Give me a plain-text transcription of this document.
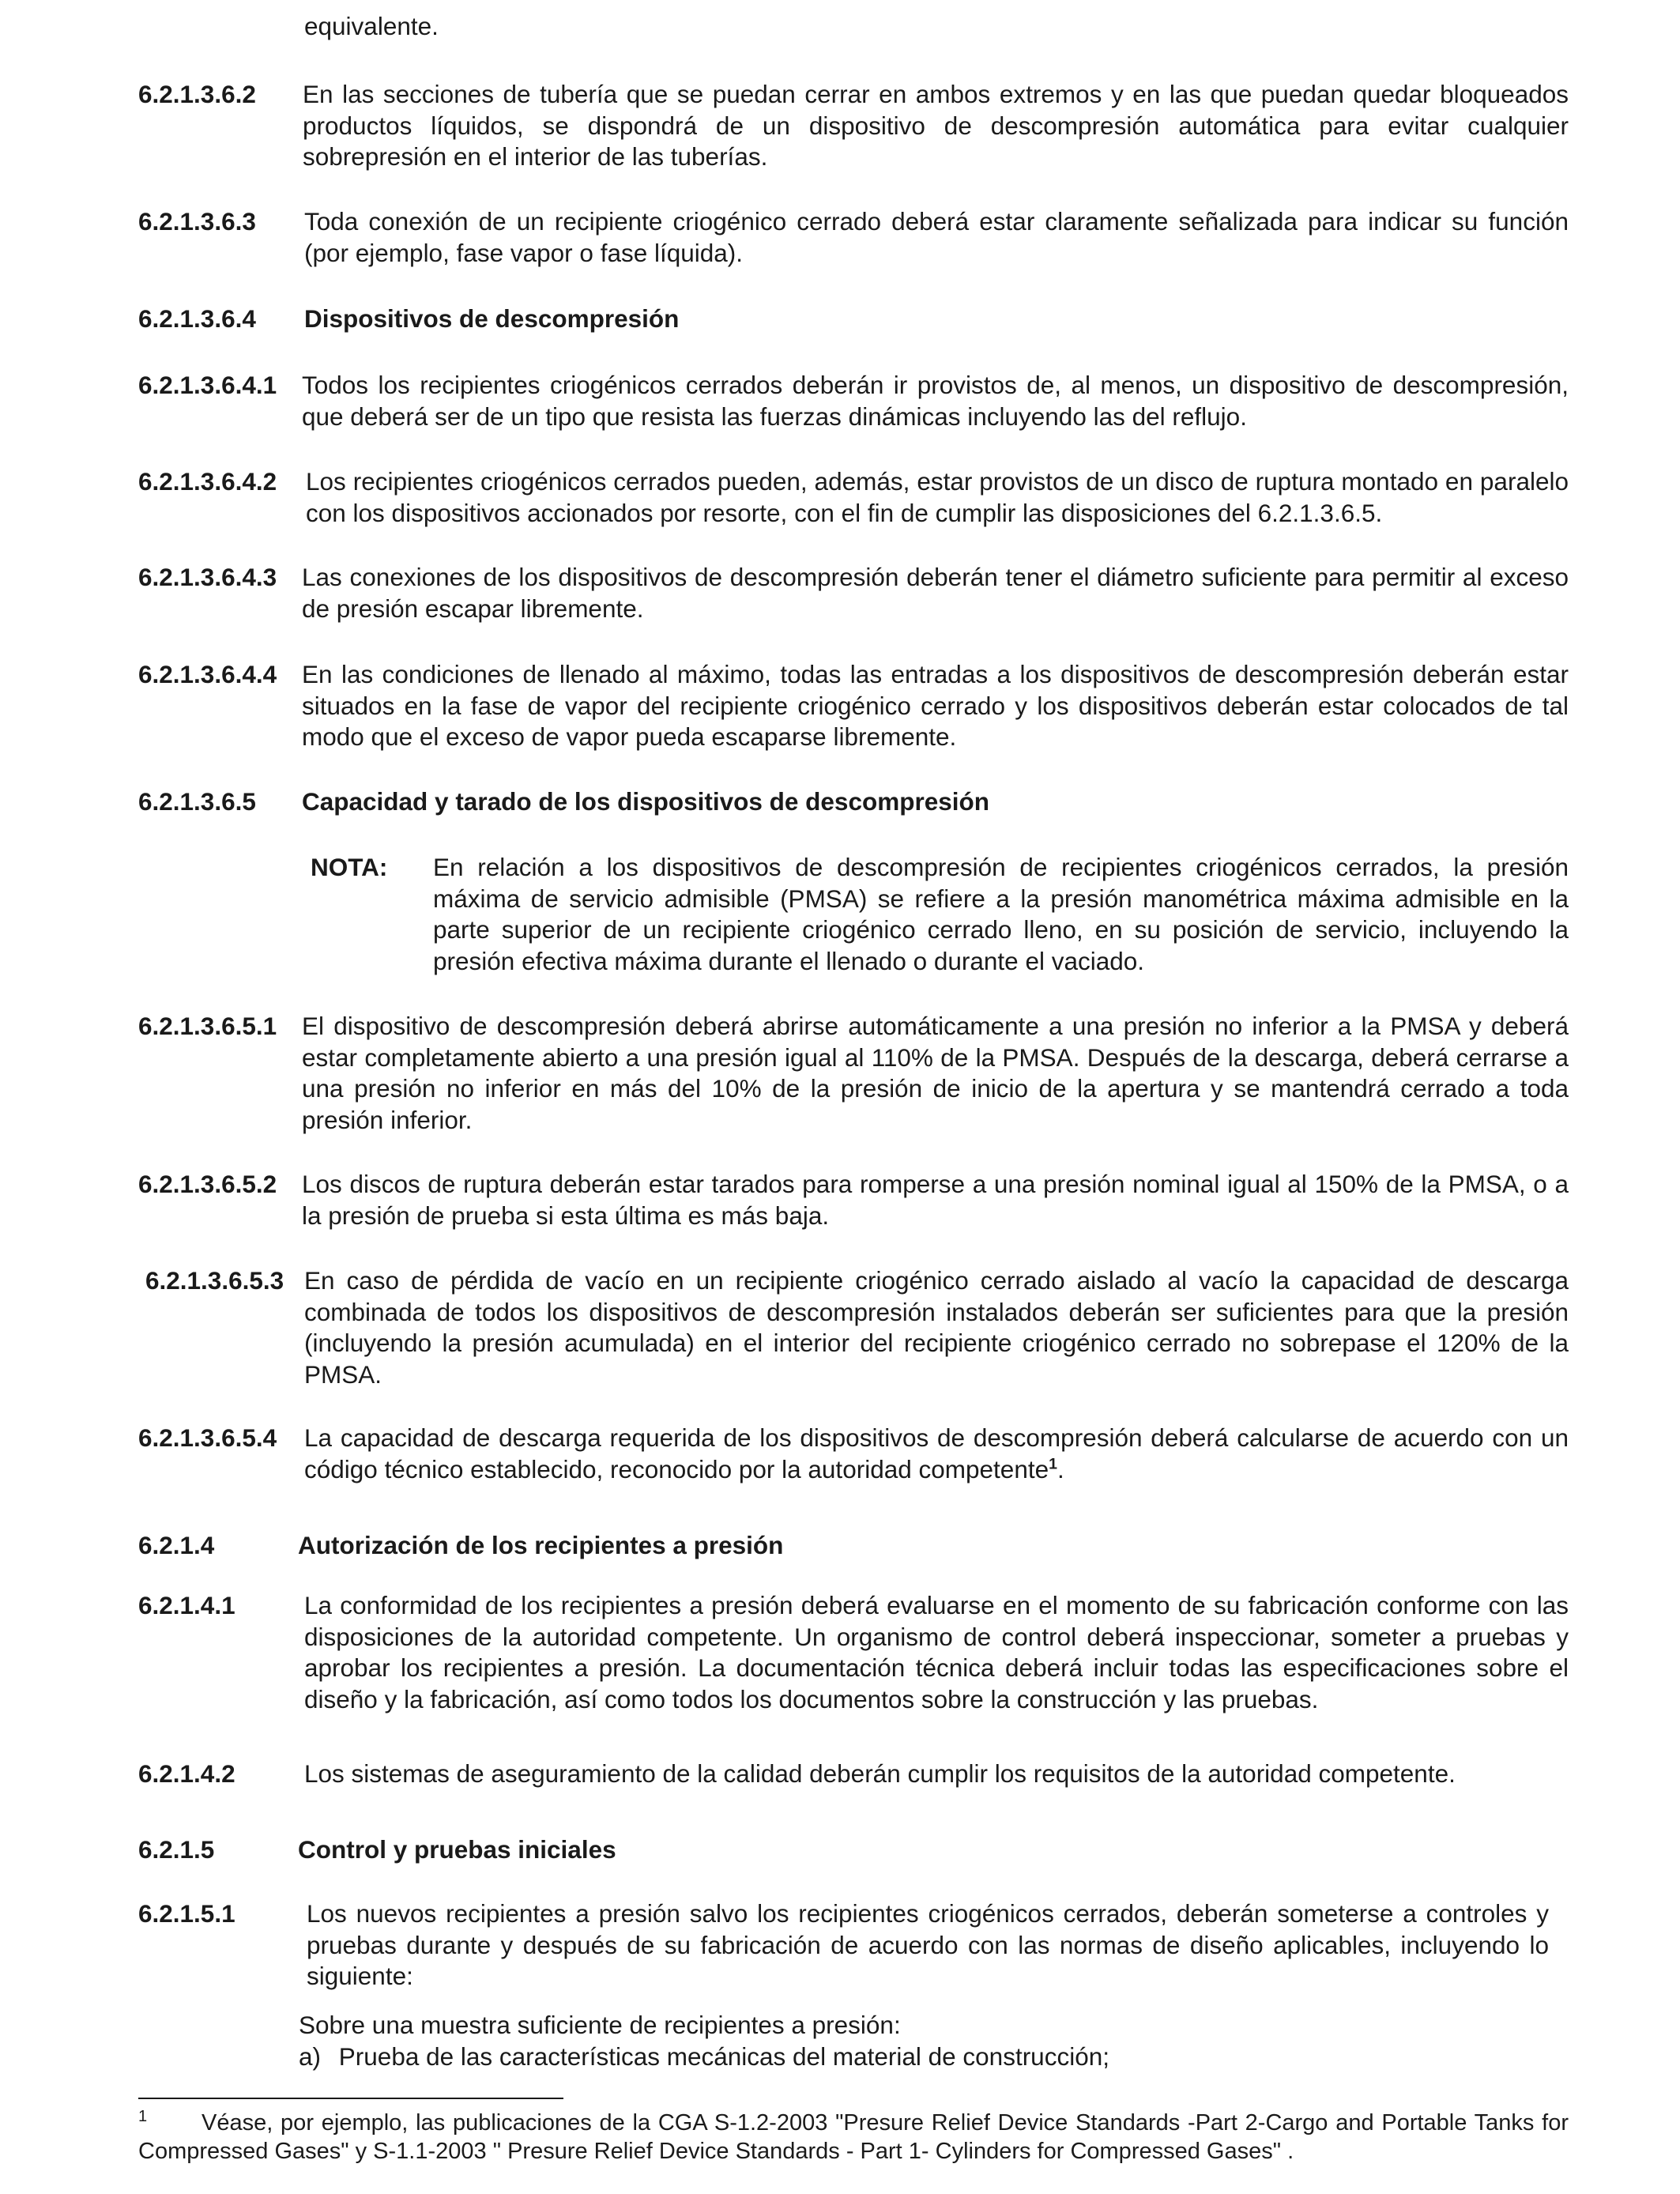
equivalente.
6.2.1.3.6.2 En las secciones de tubería que se puedan cerrar en ambos extremos y en las que puedan quedar bloqueados productos líquidos, se dispondrá de un dispositivo de descompresión automática para evitar cualquier sobrepresión en el interior de las tuberías.
6.2.1.3.6.3 Toda conexión de un recipiente criogénico cerrado deberá estar claramente señalizada para indicar su función (por ejemplo, fase vapor o fase líquida).
6.2.1.3.6.4 Dispositivos de descompresión
6.2.1.3.6.4.1 Todos los recipientes criogénicos cerrados deberán ir provistos de, al menos, un dispositivo de descompresión, que deberá ser de un tipo que resista las fuerzas dinámicas incluyendo las del reflujo.
6.2.1.3.6.4.2 Los recipientes criogénicos cerrados pueden, además, estar provistos de un disco de ruptura montado en paralelo con los dispositivos accionados por resorte, con el fin de cumplir las disposiciones del 6.2.1.3.6.5.
6.2.1.3.6.4.3 Las conexiones de los dispositivos de descompresión deberán tener el diámetro suficiente para permitir al exceso de presión escapar libremente.
6.2.1.3.6.4.4 En las condiciones de llenado al máximo, todas las entradas a los dispositivos de descompresión deberán estar situados en la fase de vapor del recipiente criogénico cerrado y los dispositivos deberán estar colocados de tal modo que el exceso de vapor pueda escaparse libremente.
6.2.1.3.6.5 Capacidad y tarado de los dispositivos de descompresión
NOTA: En relación a los dispositivos de descompresión de recipientes criogénicos cerrados, la presión máxima de servicio admisible (PMSA) se refiere a la presión manométrica máxima admisible en la parte superior de un recipiente criogénico cerrado lleno, en su posición de servicio, incluyendo la presión efectiva máxima durante el llenado o durante el vaciado.
6.2.1.3.6.5.1 El dispositivo de descompresión deberá abrirse automáticamente a una presión no inferior a la PMSA y deberá estar completamente abierto a una presión igual al 110% de la PMSA. Después de la descarga, deberá cerrarse a una presión no inferior en más del 10% de la presión de inicio de la apertura y se mantendrá cerrado a toda presión inferior.
6.2.1.3.6.5.2 Los discos de ruptura deberán estar tarados para romperse a una presión nominal igual al 150% de la PMSA, o a la presión de prueba si esta última es más baja.
6.2.1.3.6.5.3 En caso de pérdida de vacío en un recipiente criogénico cerrado aislado al vacío la capacidad de descarga combinada de todos los dispositivos de descompresión instalados deberán ser suficientes para que la presión (incluyendo la presión acumulada) en el interior del recipiente criogénico cerrado no sobrepase el 120% de la PMSA.
6.2.1.3.6.5.4 La capacidad de descarga requerida de los dispositivos de descompresión deberá calcularse de acuerdo con un código técnico establecido, reconocido por la autoridad competente$^1$.
6.2.1.4	Autorización de los recipientes a presión
6.2.1.4.1	La conformidad de los recipientes a presión deberá evaluarse en el momento de su fabricación conforme con las disposiciones de la autoridad competente. Un organismo de control deberá inspeccionar, someter a pruebas y aprobar los recipientes a presión. La documentación técnica deberá incluir todas las especificaciones sobre el diseño y la fabricación, así como todos los documentos sobre la construcción y las pruebas.
6.2.1.4.2	Los sistemas de aseguramiento de la calidad deberán cumplir los requisitos de la autoridad competente.
6.2.1.5	Control y pruebas iniciales
6.2.1.5.1	Los nuevos recipientes a presión salvo los recipientes criogénicos cerrados, deberán someterse a controles y pruebas durante y después de su fabricación de acuerdo con las normas de diseño aplicables, incluyendo lo siguiente:
Sobre una muestra suficiente de recipientes a presión:
a) Prueba de las características mecánicas del material de construcción;
1 Véase, por ejemplo, las publicaciones de la CGA S-1.2-2003 "Presure Relief Device Standards -Part 2-Cargo and Portable Tanks for Compressed Gases" y S-1.1-2003 " Presure Relief Device Standards - Part 1- Cylinders for Compressed Gases" .
